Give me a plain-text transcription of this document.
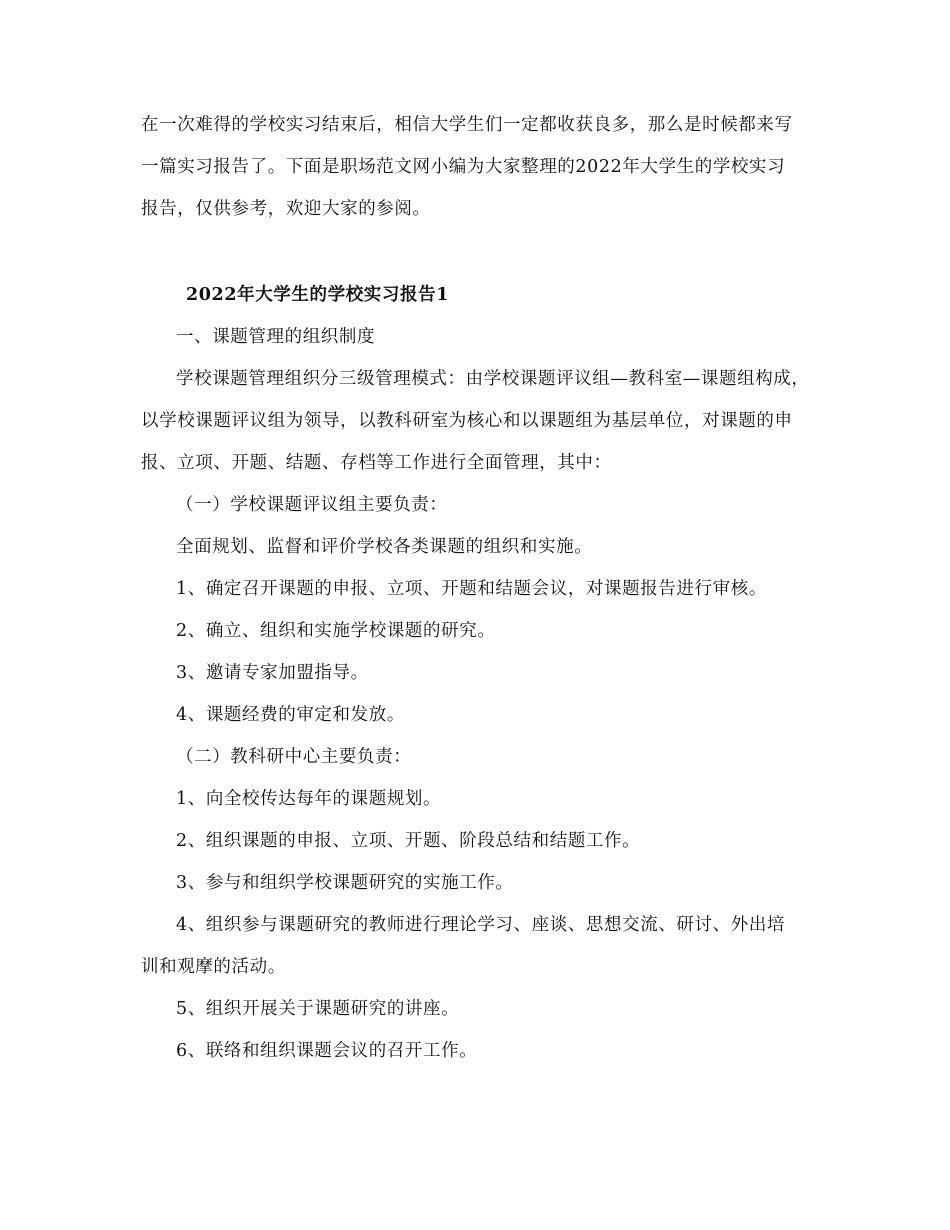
在一次难得的学校实习结束后，相信大学生们一定都收获良多，那么是时候都来写
一篇实习报告了。下面是职场范文网小编为大家整理的2022年大学生的学校实习
报告，仅供参考，欢迎大家的参阅。
2022年大学生的学校实习报告1
一、课题管理的组织制度
学校课题管理组织分三级管理模式：由学校课题评议组—教科室—课题组构成，
以学校课题评议组为领导，以教科研室为核心和以课题组为基层单位，对课题的申
报、立项、开题、结题、存档等工作进行全面管理，其中：
（一）学校课题评议组主要负责：
全面规划、监督和评价学校各类课题的组织和实施。
1、确定召开课题的申报、立项、开题和结题会议，对课题报告进行审核。
2、确立、组织和实施学校课题的研究。
3、邀请专家加盟指导。
4、课题经费的审定和发放。
（二）教科研中心主要负责：
1、向全校传达每年的课题规划。
2、组织课题的申报、立项、开题、阶段总结和结题工作。
3、参与和组织学校课题研究的实施工作。
4、组织参与课题研究的教师进行理论学习、座谈、思想交流、研讨、外出培
训和观摩的活动。
5、组织开展关于课题研究的讲座。
6、联络和组织课题会议的召开工作。
